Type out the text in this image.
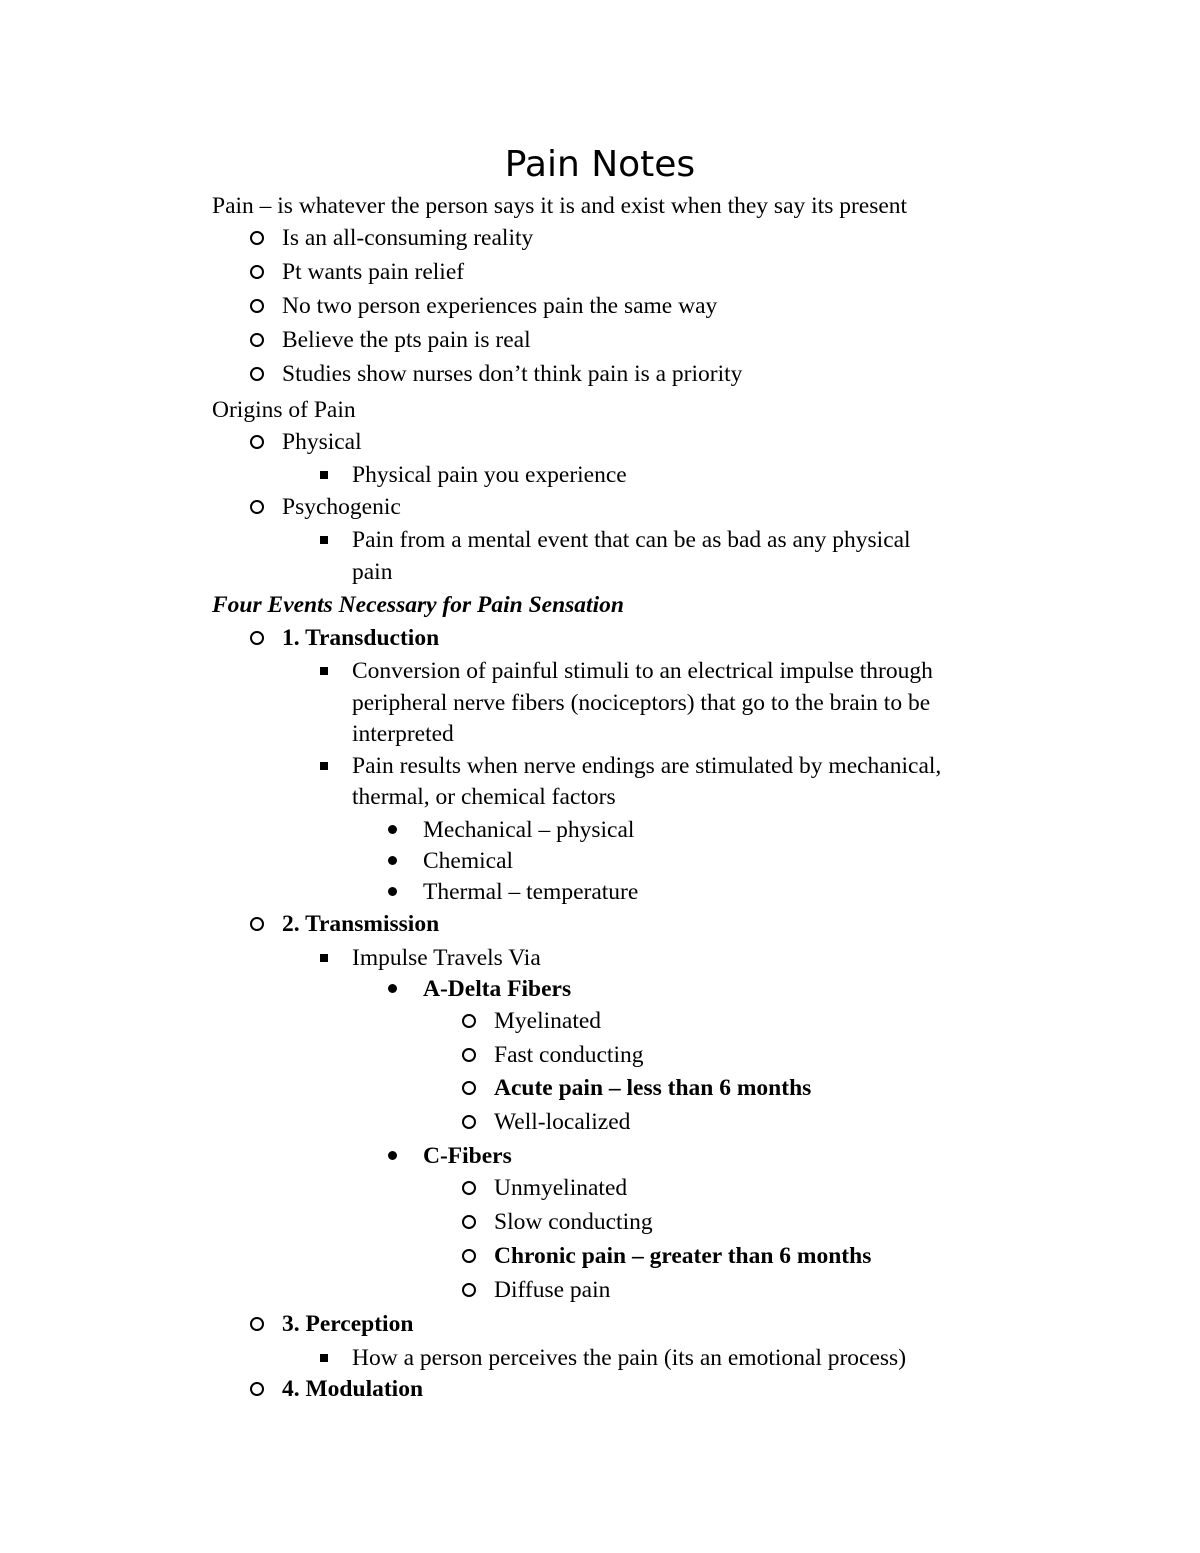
Pain Notes
Pain – is whatever the person says it is and exist when they say its present
Is an all-consuming reality
Pt wants pain relief
No two person experiences pain the same way
Believe the pts pain is real
Studies show nurses don’t think pain is a priority
Origins of Pain
Physical
Physical pain you experience
Psychogenic
Pain from a mental event that can be as bad as any physical
pain
Four Events Necessary for Pain Sensation
1. Transduction
Conversion of painful stimuli to an electrical impulse through
peripheral nerve fibers (nociceptors) that go to the brain to be
interpreted
Pain results when nerve endings are stimulated by mechanical,
thermal, or chemical factors
Mechanical – physical
Chemical
Thermal – temperature
2. Transmission
Impulse Travels Via
A-Delta Fibers
Myelinated
Fast conducting
Acute pain – less than 6 months
Well-localized
C-Fibers
Unmyelinated
Slow conducting
Chronic pain – greater than 6 months
Diffuse pain
3. Perception
How a person perceives the pain (its an emotional process)
4. Modulation
